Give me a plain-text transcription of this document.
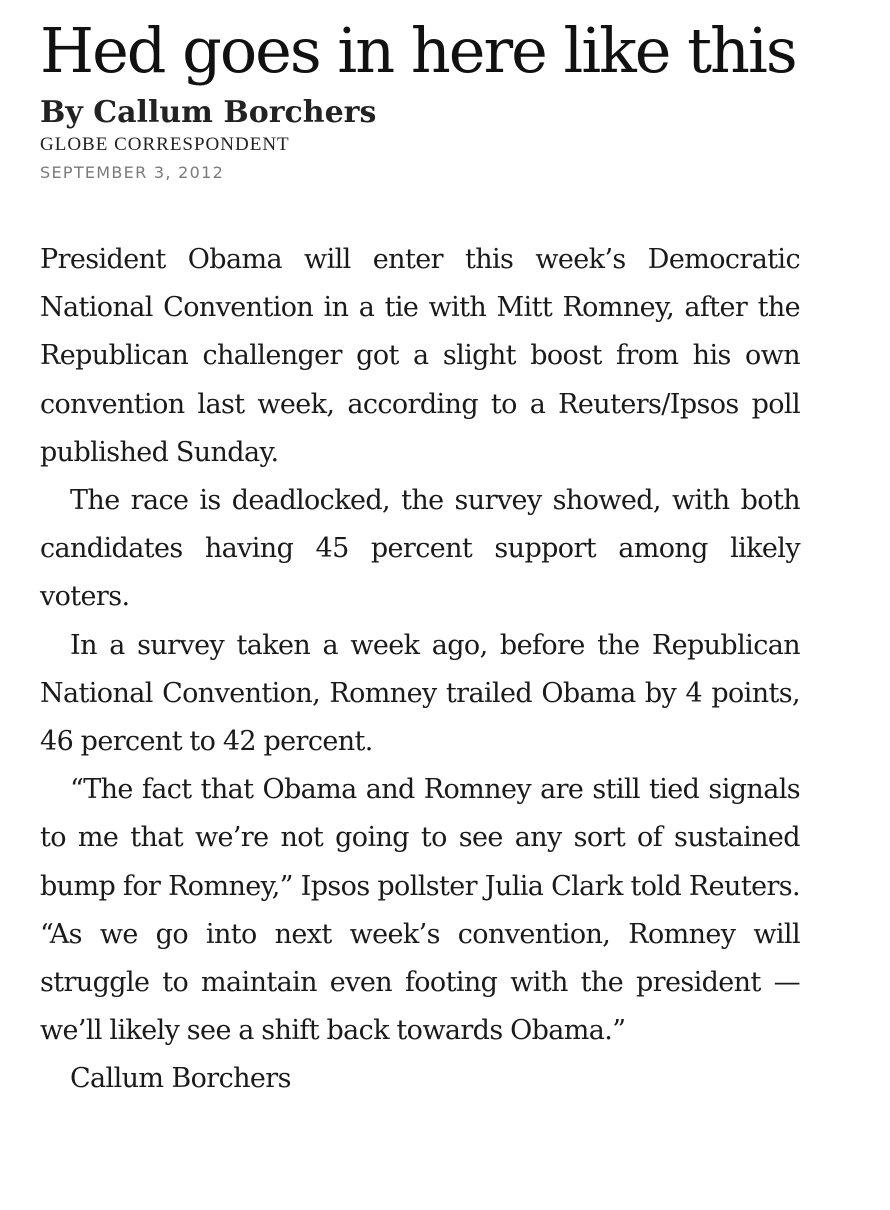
Hed goes in here like this

By Callum Borchers

GLOBE CORRESPONDENT

SEPTEMBER 3, 2012

President Obama will enter this week’s Democratic National Convention in a tie with Mitt Romney, after the Republican challenger got a slight boost from his own convention last week, according to a Reuters/Ipsos poll published Sunday.

The race is deadlocked, the survey showed, with both candidates having 45 percent support among likely voters.

In a survey taken a week ago, before the Republican National Convention, Romney trailed Obama by 4 points, 46 percent to 42 percent.

“The fact that Obama and Romney are still tied signals to me that we’re not going to see any sort of sustained bump for Romney,” Ipsos pollster Julia Clark told Reuters. “As we go into next week’s convention, Romney will struggle to maintain even footing with the president — we’ll likely see a shift back towards Obama.”

Callum Borchers
